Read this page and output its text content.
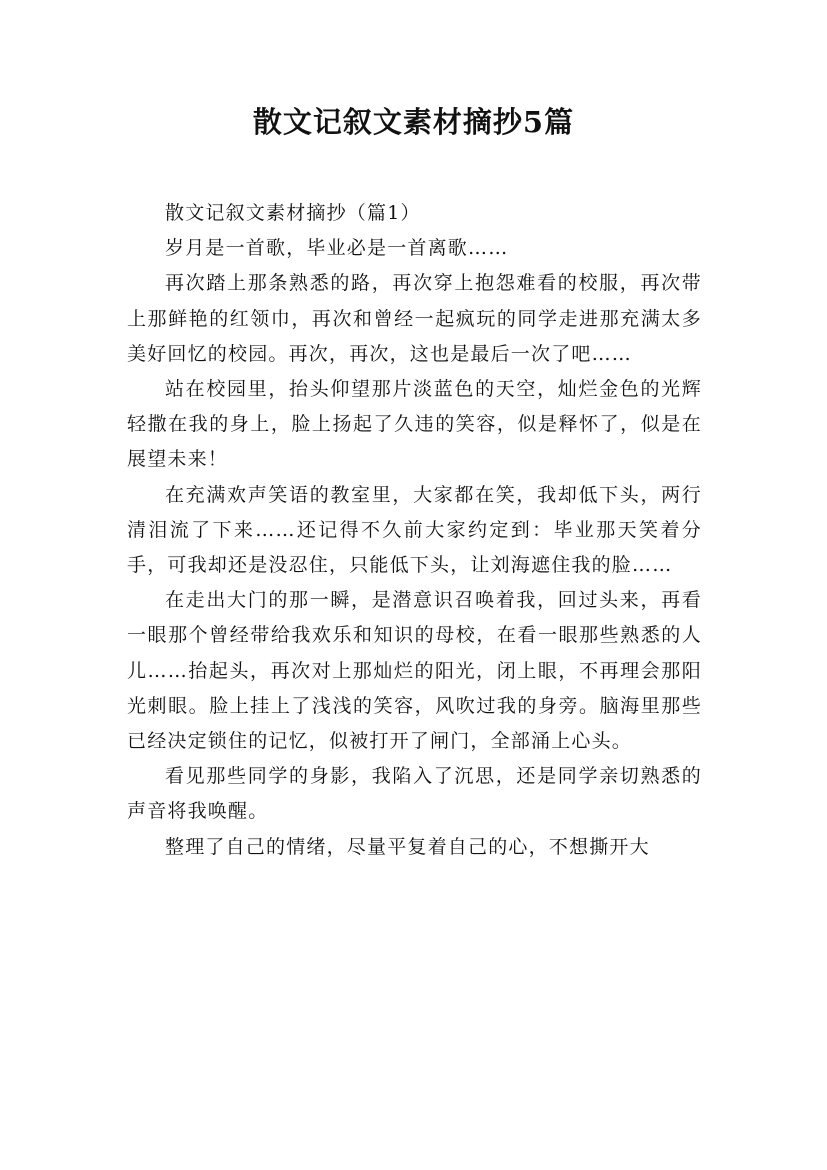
散文记叙文素材摘抄5篇

散文记叙文素材摘抄（篇1）

岁月是一首歌，毕业必是一首离歌……

再次踏上那条熟悉的路，再次穿上抱怨难看的校服，再次带上那鲜艳的红领巾，再次和曾经一起疯玩的同学走进那充满太多美好回忆的校园。再次，再次，这也是最后一次了吧……

站在校园里，抬头仰望那片淡蓝色的天空，灿烂金色的光辉轻撒在我的身上，脸上扬起了久违的笑容，似是释怀了，似是在展望未来！

在充满欢声笑语的教室里，大家都在笑，我却低下头，两行清泪流了下来……还记得不久前大家约定到：毕业那天笑着分手，可我却还是没忍住，只能低下头，让刘海遮住我的脸……

在走出大门的那一瞬，是潜意识召唤着我，回过头来，再看一眼那个曾经带给我欢乐和知识的母校，在看一眼那些熟悉的人儿……抬起头，再次对上那灿烂的阳光，闭上眼，不再理会那阳光刺眼。脸上挂上了浅浅的笑容，风吹过我的身旁。脑海里那些已经决定锁住的记忆，似被打开了闸门，全部涌上心头。

看见那些同学的身影，我陷入了沉思，还是同学亲切熟悉的声音将我唤醒。

整理了自己的情绪，尽量平复着自己的心，不想撕开大
